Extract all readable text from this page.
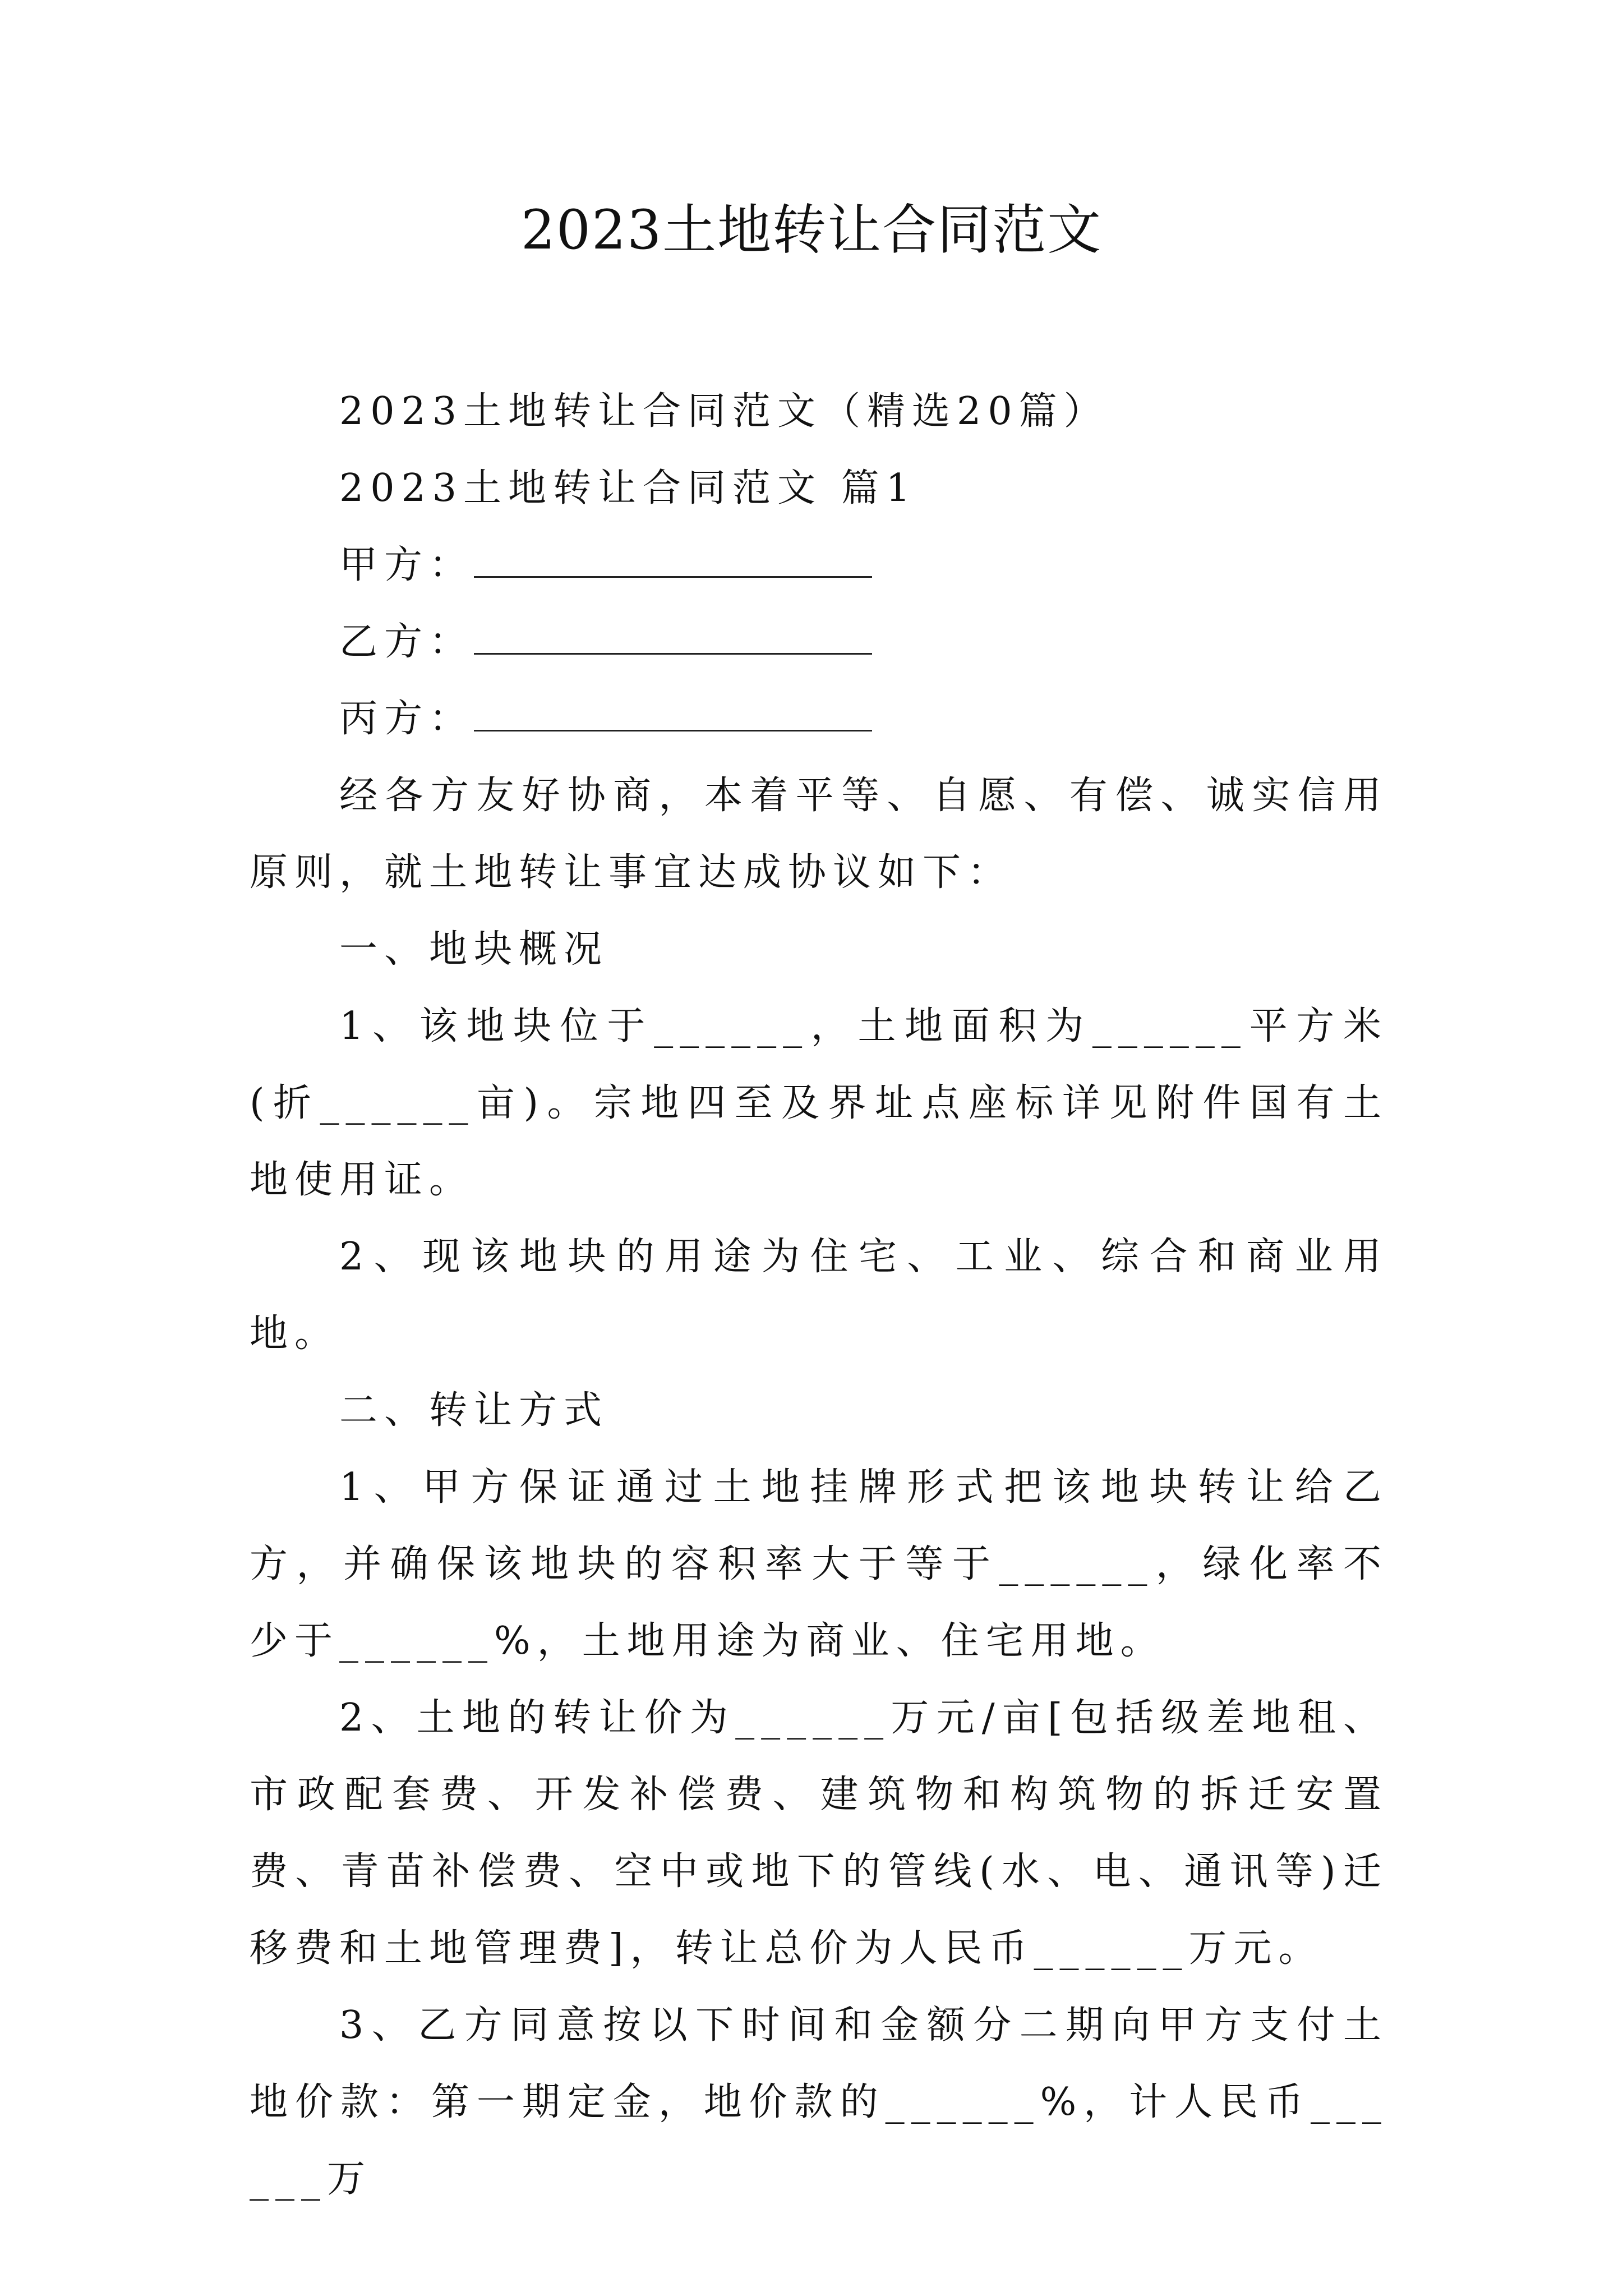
2023土地转让合同范文

2023土地转让合同范文（精选20篇）

2023土地转让合同范文 篇1

甲方：

乙方：

丙方：

经各方友好协商，本着平等、自愿、有偿、诚实信用原则，就土地转让事宜达成协议如下：

一、地块概况

1、该地块位于______，土地面积为______平方米(折______亩)。宗地四至及界址点座标详见附件国有土地使用证。

2、现该地块的用途为住宅、工业、综合和商业用地。

二、转让方式

1、甲方保证通过土地挂牌形式把该地块转让给乙方，并确保该地块的容积率大于等于______，绿化率不少于______%，土地用途为商业、住宅用地。

2、土地的转让价为______万元/亩[包括级差地租、市政配套费、开发补偿费、建筑物和构筑物的拆迁安置费、青苗补偿费、空中或地下的管线(水、电、通讯等)迁移费和土地管理费]，转让总价为人民币______万元。

3、乙方同意按以下时间和金额分二期向甲方支付土地价款：第一期定金，地价款的______%，计人民币______万
